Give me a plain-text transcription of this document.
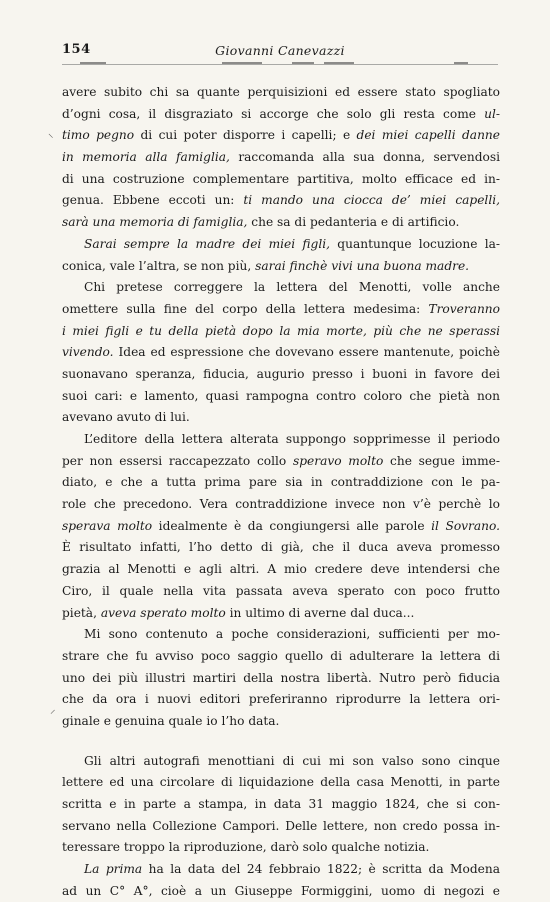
154	Giovanni Canevazzi
⸜
⸝
avere subito chi sa quante perquisizioni ed essere stato spogliato
d’ogni cosa, il disgraziato si accorge che solo gli resta come ul-
timo pegno di cui poter disporre i capelli; e dei miei capelli danne
in memoria alla famiglia, raccomanda alla sua donna, servendosi
di una costruzione complementare partitiva, molto efficace ed in-
genua. Ebbene eccoti un: ti mando una ciocca de’ miei capelli,
sarà una memoria di famiglia, che sa di pedanteria e di artificio.
Sarai sempre la madre dei miei figli, quantunque locuzione la-
conica, vale l’altra, se non più, sarai finchè vivi una buona madre.
Chi pretese correggere la lettera del Menotti, volle anche
omettere sulla fine del corpo della lettera medesima: Troveranno
i miei figli e tu della pietà dopo la mia morte, più che ne sperassi
vivendo. Idea ed espressione che dovevano essere mantenute, poichè
suonavano speranza, fiducia, augurio presso i buoni in favore dei
suoi cari: e lamento, quasi rampogna contro coloro che pietà non
avevano avuto di lui.
L’editore della lettera alterata suppongo sopprimesse il periodo
per non essersi raccapezzato collo speravo molto che segue imme-
diato, e che a tutta prima pare sia in contraddizione con le pa-
role che precedono. Vera contraddizione invece non v’è perchè lo
sperava molto idealmente è da congiungersi alle parole il Sovrano.
È risultato infatti, l’ho detto di già, che il duca aveva promesso
grazia al Menotti e agli altri. A mio credere deve intendersi che
Ciro, il quale nella vita passata aveva sperato con poco frutto
pietà, aveva sperato molto in ultimo di averne dal duca...
Mi sono contenuto a poche considerazioni, sufficienti per mo-
strare che fu avviso poco saggio quello di adulterare la lettera di
uno dei più illustri martiri della nostra libertà. Nutro però fiducia
che da ora i nuovi editori preferiranno riprodurre la lettera ori-
ginale e genuina quale io l’ho data.
Gli altri autografi menottiani di cui mi son valso sono cinque
lettere ed una circolare di liquidazione della casa Menotti, in parte
scritta e in parte a stampa, in data 31 maggio 1824, che si con-
servano nella Collezione Campori. Delle lettere, non credo possa in-
teressare troppo la riproduzione, darò solo qualche notizia.
La prima ha la data del 24 febbraio 1822; è scritta da Modena
ad un C° A°, cioè a un Giuseppe Formiggini, uomo di negozi e
